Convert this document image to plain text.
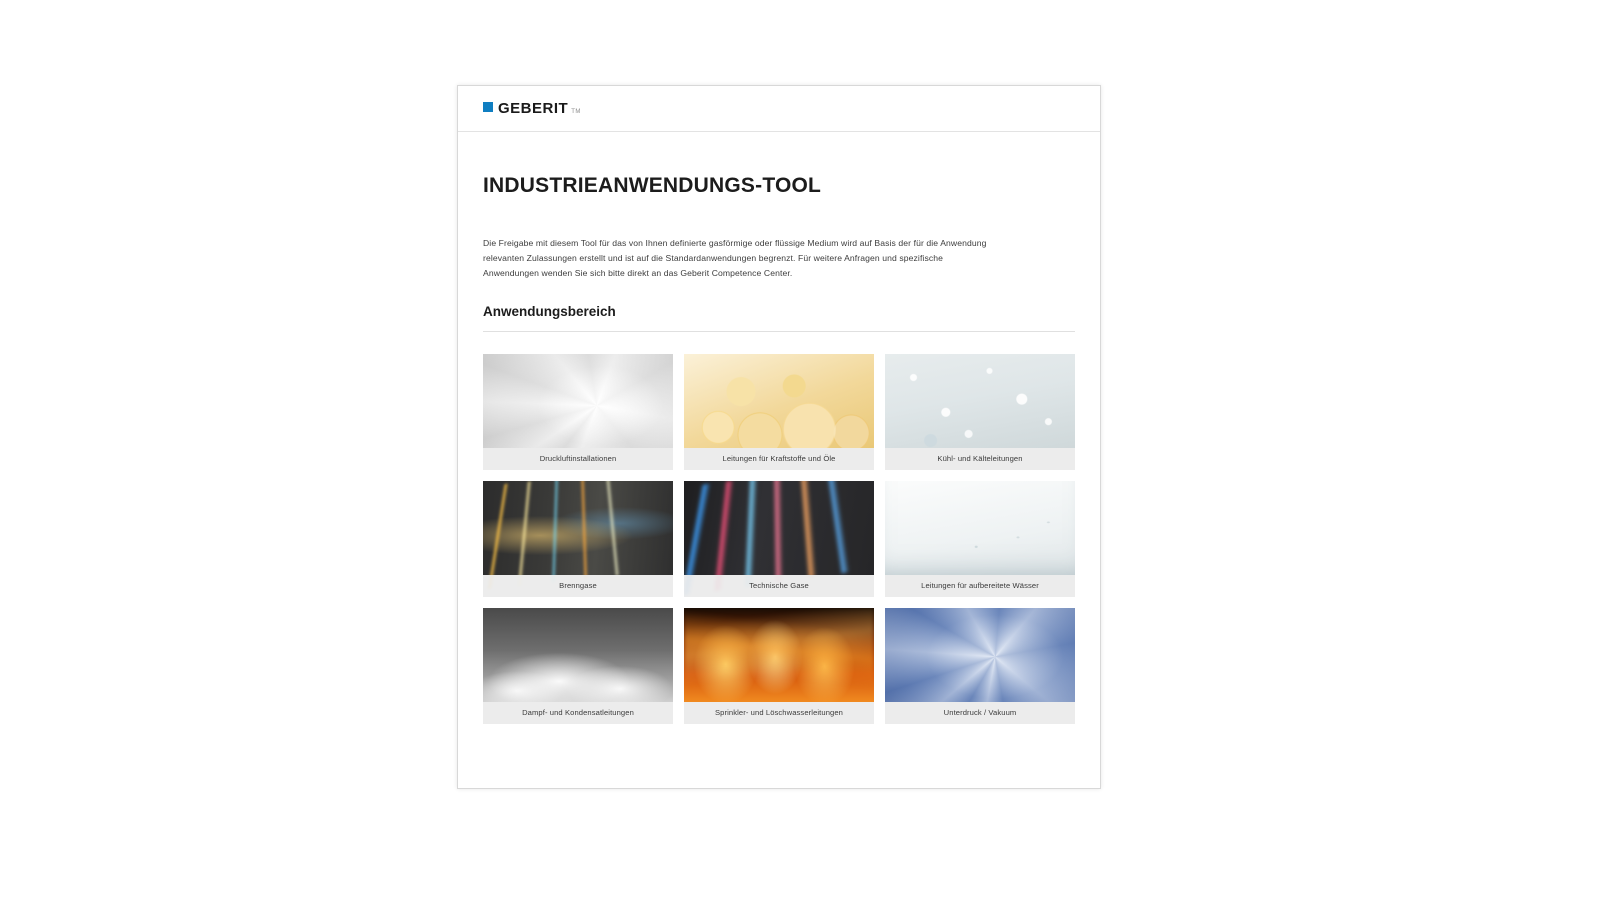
GEBERIT TM
INDUSTRIEANWENDUNGS-TOOL

Die Freigabe mit diesem Tool für das von Ihnen definierte gasförmige oder flüssige Medium wird auf Basis der für die Anwendung relevanten Zulassungen erstellt und ist auf die Standardanwendungen begrenzt. Für weitere Anfragen und spezifische Anwendungen wenden Sie sich bitte direkt an das Geberit Competence Center.

Anwendungsbereich
Druckluftinstallationen	Leitungen für Kraftstoffe und Öle	Kühl- und Kälteleitungen
Brenngase	Technische Gase	Leitungen für aufbereitete Wässer
Dampf- und Kondensatleitungen	Sprinkler- und Löschwasserleitungen	Unterdruck / Vakuum
